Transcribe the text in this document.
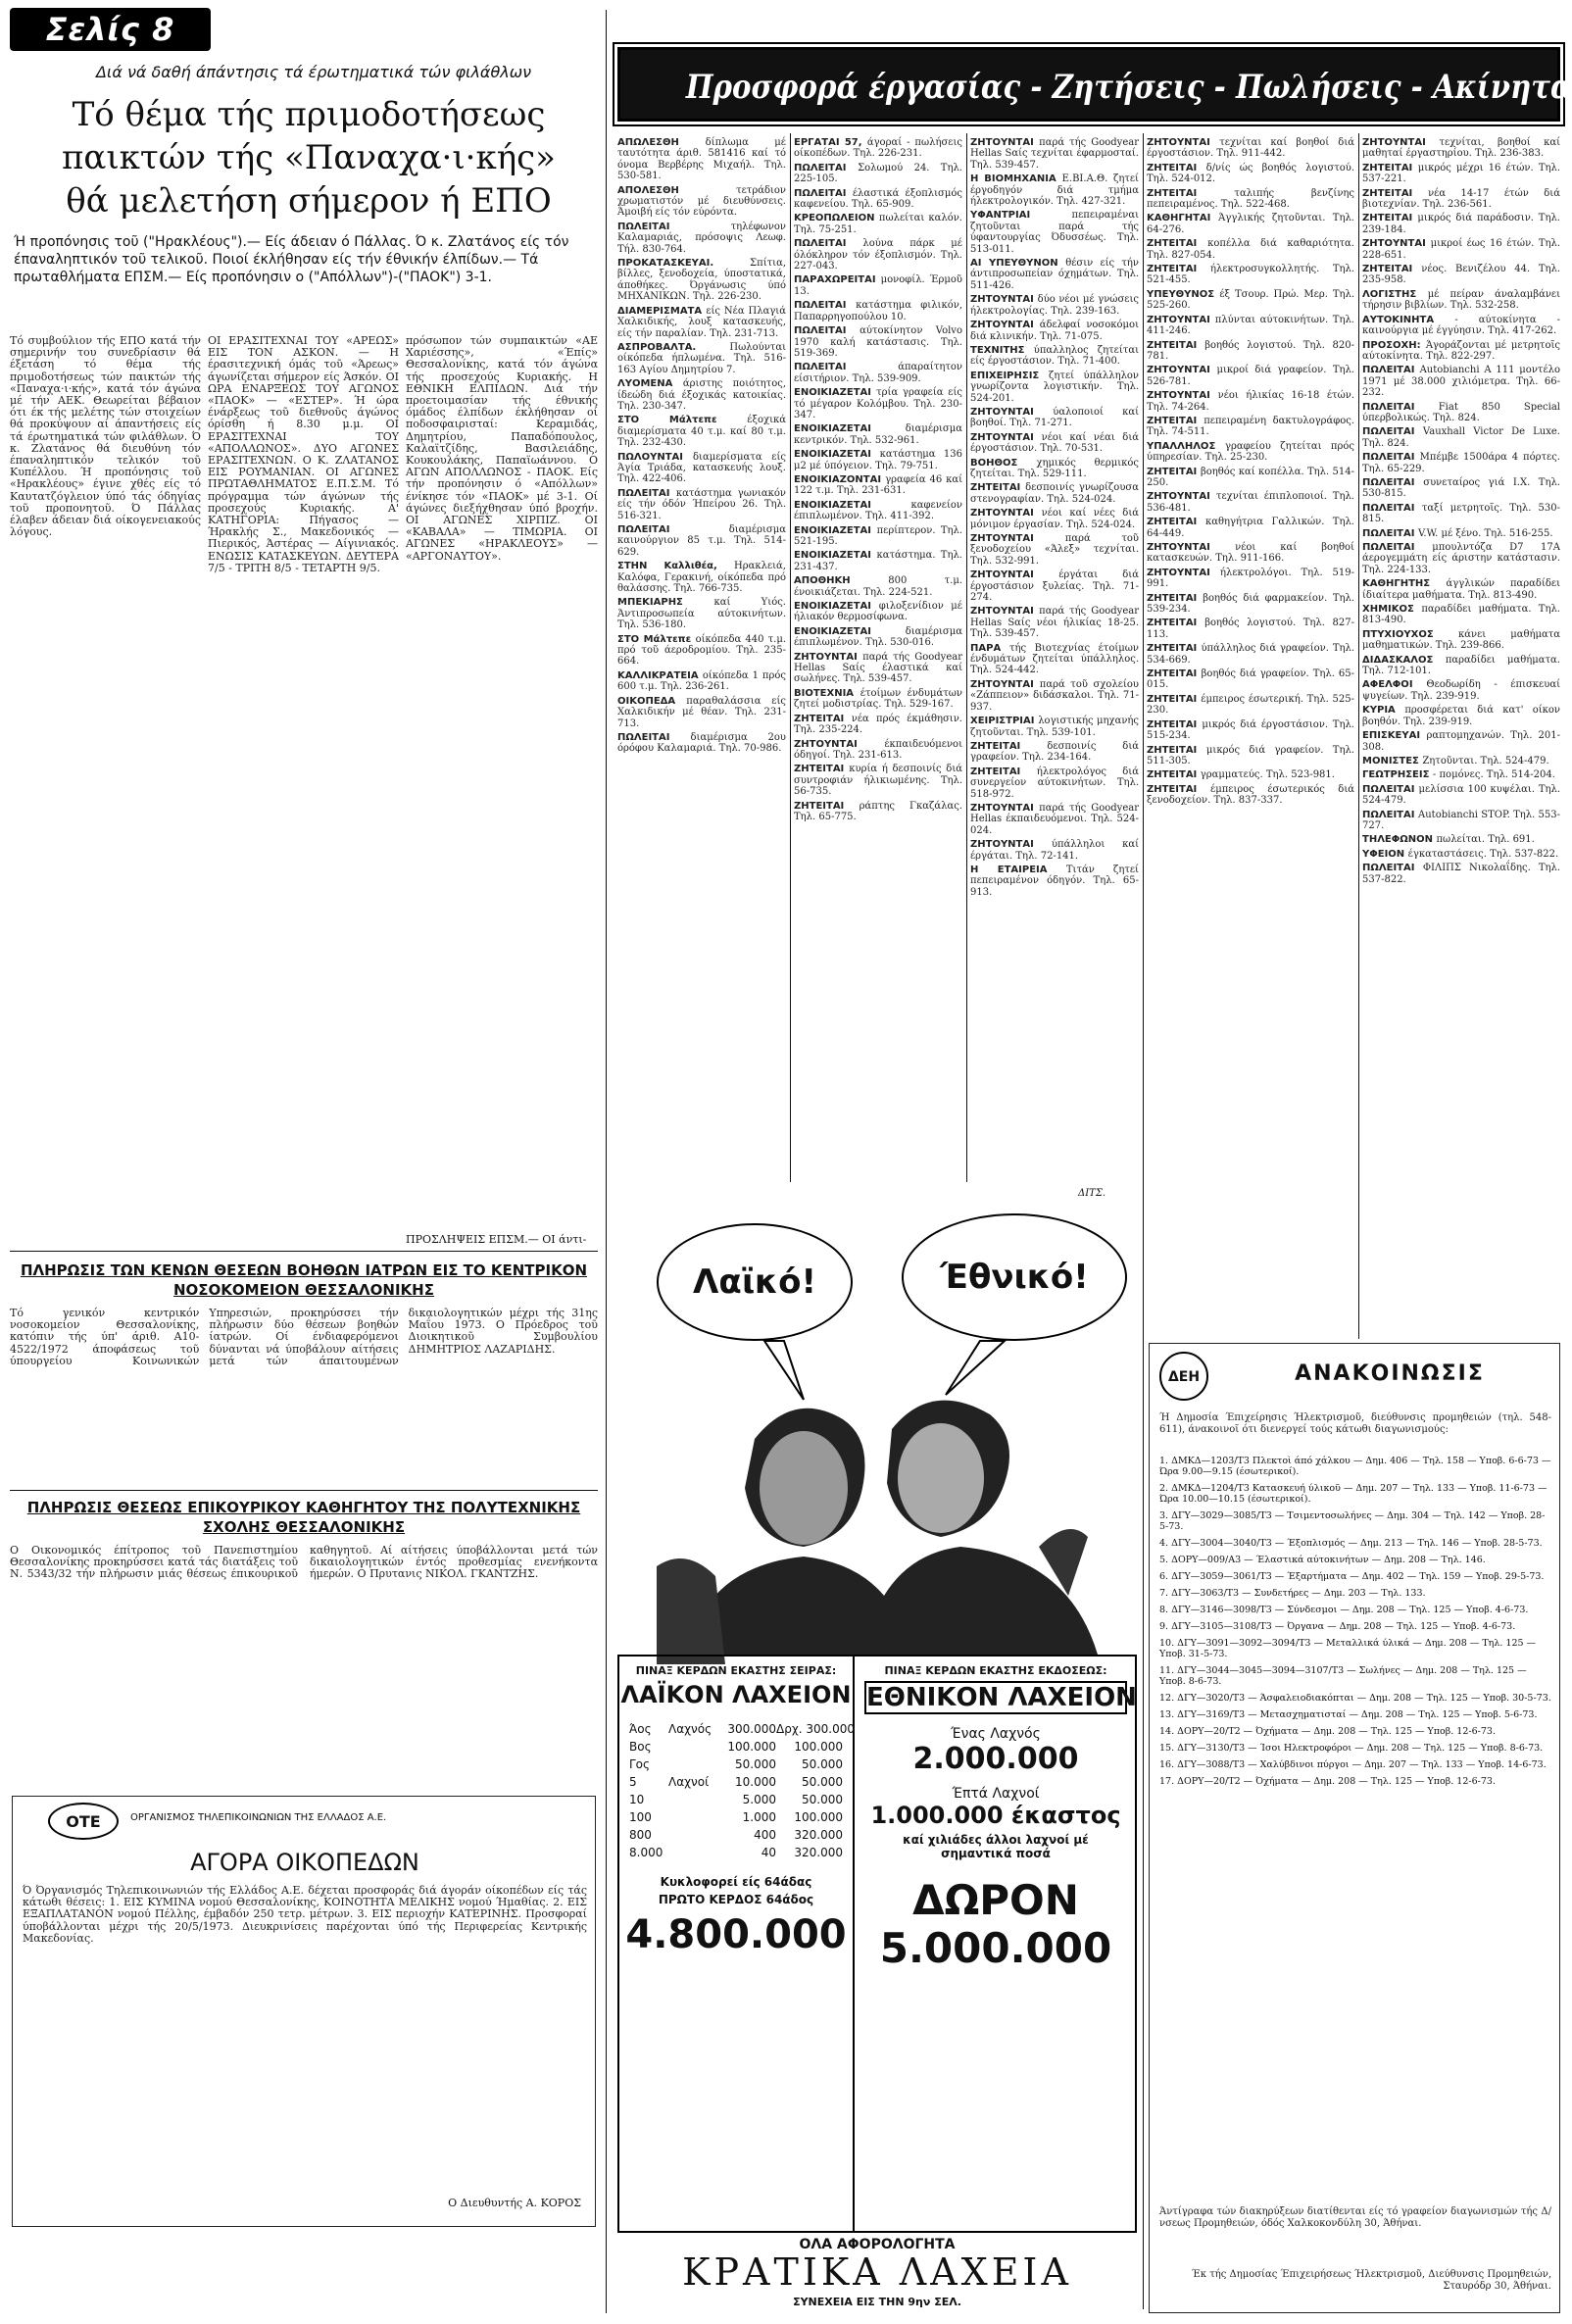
Σελίς 8
Διά νά δαθή άπάντησις τά έρωτηματικά τών φιλάθλων
Τό θέμα τής πριμοδοτήσεως
παικτών τής «Παναχα·ι·κής»
θά μελετήση σήμερον ή ΕΠΟ
Ή προπόνησις τοῦ ("Ηρακλέους").— Είς άδειαν ό Πάλλας. Ό κ. Ζλατάνος είς τόν έπαναληπτικόν τοῦ τελικοῦ. Ποιοί έκλήθησαν είς τήν έθνικήν έλπίδων.— Τά πρωταθλήματα ΕΠΣΜ.— Είς προπόνησιν ο ("Απόλλων")-("ΠΑΟΚ") 3-1.
Τό συμβούλιον τής ΕΠΟ κατά τήν σημερινήν του συνεδρίασιν θά έξετάση τό θέμα τής πριμοδοτήσεως τών παικτών τής «Παναχα·ι·κής», κατά τόν άγώνα μέ τήν ΑΕΚ. Θεωρείται βέβαιον ότι έκ τής μελέτης τών στοιχείων θά προκύψουν αί άπαντήσεις είς τά έρωτηματικά τών φιλάθλων. Ό κ. Ζλατάνος θά διευθύνη τόν έπαναληπτικόν τελικόν τοῦ Κυπέλλου. Ή προπόνησις τοῦ «Ηρακλέους» έγινε χθές είς τό Καυτατζόγλειον ύπό τάς όδηγίας τοῦ προπονητοῦ. Ό Πάλλας έλαβεν άδειαν διά οίκογενειακούς λόγους.
ΟΙ ΕΡΑΣΙΤΕΧΝΑΙ ΤΟΥ «ΑΡΕΩΣ» ΕΙΣ ΤΟΝ ΑΣΚΟΝ. — Η έρασιτεχνική όμάς τοῦ «Άρεως» άγωνίζεται σήμερον είς Άσκόν. ΟΙ ΩΡΑ ΕΝΑΡΞΕΩΣ ΤΟΥ ΑΓΩΝΟΣ «ΠΑΟΚ» — «ΕΣΤΕΡ». Ή ώρα ένάρξεως τοῦ διεθνοῦς άγώνος όρίσθη ή 8.30 μ.μ. ΟΙ ΕΡΑΣΙΤΕΧΝΑΙ ΤΟΥ «ΑΠΟΛΛΩΝΟΣ». ΔΥΟ ΑΓΩΝΕΣ ΕΡΑΣΙΤΕΧΝΩΝ. Ο Κ. ΖΛΑΤΑΝΟΣ ΕΙΣ ΡΟΥΜΑΝΙΑΝ. ΟΙ ΑΓΩΝΕΣ ΠΡΩΤΑΘΛΗΜΑΤΟΣ Ε.Π.Σ.Μ. Τό πρόγραμμα τών άγώνων τής προσεχούς Κυριακής. Α' ΚΑΤΗΓΟΡΙΑ: Πήγασος — Ήρακλής Σ., Μακεδονικός — Πιερικός, Άστέρας — Αίγινιακός. ΕΝΩΣΙΣ ΚΑΤΑΣΚΕΥΩΝ. ΔΕΥΤΕΡΑ 7/5 - ΤΡΙΤΗ 8/5 - ΤΕΤΑΡΤΗ 9/5.
πρόσωπον τών συμπαικτών «ΑΕ Χαριέσσης», «Έπίς» Θεσσαλονίκης, κατά τόν άγώνα τής προσεχούς Κυριακής. Η ΕΘΝΙΚΗ ΕΛΠΙΔΩΝ. Διά τήν προετοιμασίαν τής έθνικής όμάδος έλπίδων έκλήθησαν οί ποδοσφαιρισταί: Κεραμιδάς, Δημητρίου, Παπαδόπουλος, Καλαϊτζίδης, Βασιλειάδης, Κουκουλάκης, Παπαϊωάννου. Ο ΑΓΩΝ ΑΠΟΛΛΩΝΟΣ - ΠΑΟΚ. Είς τήν προπόνησιν ό «Απόλλων» ένίκησε τόν «ΠΑΟΚ» μέ 3-1. Οί άγώνες διεξήχθησαν ύπό βροχήν. ΟΙ ΑΓΩΝΕΣ ΧΙΡΠΙΖ. ΟΙ «ΚΑΒΑΛΑ» — ΤΙΜΩΡΙΑ. ΟΙ ΑΓΩΝΕΣ «ΗΡΑΚΛΕΟΥΣ» — «ΑΡΓΟΝΑΥΤΟΥ».
ΠΡΟΣΛΗΨΕΙΣ ΕΠΣΜ.— ΟΙ άντι-
ΠΛΗΡΩΣΙΣ ΤΩΝ ΚΕΝΩΝ ΘΕΣΕΩΝ ΒΟΗΘΩΝ ΙΑΤΡΩΝ ΕΙΣ ΤΟ ΚΕΝΤΡΙΚΟΝ ΝΟΣΟΚΟΜΕΙΟΝ ΘΕΣΣΑΛΟΝΙΚΗΣ
Τό γενικόν κεντρικόν νοσοκομείον Θεσσαλονίκης, κατόπιν τής ύπ' άριθ. Α10-4522/1972 άποφάσεως τοῦ ύπουργείου Κοινωνικών Υπηρεσιών, προκηρύσσει τήν πλήρωσιν δύο θέσεων βοηθών ίατρών. Οί ένδιαφερόμενοι δύνανται νά ύποβάλουν αίτήσεις μετά τών άπαιτουμένων δικαιολογητικών μέχρι τής 31ης Μαΐου 1973. Ο Πρόεδρος τοῦ Διοικητικοῦ Συμβουλίου ΔΗΜΗΤΡΙΟΣ ΛΑΖΑΡΙΔΗΣ.
ΠΛΗΡΩΣΙΣ ΘΕΣΕΩΣ ΕΠΙΚΟΥΡΙΚΟΥ ΚΑΘΗΓΗΤΟΥ ΤΗΣ ΠΟΛΥΤΕΧΝΙΚΗΣ ΣΧΟΛΗΣ ΘΕΣΣΑΛΟΝΙΚΗΣ
Ο Οικονομικός έπίτροπος τοῦ Πανεπιστημίου Θεσσαλονίκης προκηρύσσει κατά τάς διατάξεις τοῦ Ν. 5343/32 τήν πλήρωσιν μιάς θέσεως έπικουρικοῦ καθηγητοῦ. Αί αίτήσεις ύποβάλλονται μετά τών δικαιολογητικών έντός προθεσμίας ενενήκοντα ήμερών. Ο Πρυτανις ΝΙΚΟΛ. ΓΚΑΝΤΖΗΣ.
ΟΤΕ	ΟΡΓΑΝΙΣΜΟΣ ΤΗΛΕΠΙΚΟΙΝΩΝΙΩΝ ΤΗΣ ΕΛΛΑΔΟΣ Α.Ε.
ΑΓΟΡΑ ΟΙΚΟΠΕΔΩΝ
Ό Όργανισμός Τηλεπικοινωνιών τής Ελλάδος Α.Ε. δέχεται προσφοράς διά άγοράν οίκοπέδων είς τάς κάτωθι θέσεις: 1. ΕΙΣ ΚΥΜΙΝΑ νομού Θεσσαλονίκης, ΚΟΙΝΟΤΗΤΑ ΜΕΛΙΚΗΣ νομού Ήμαθίας. 2. ΕΙΣ ΕΞΑΠΛΑΤΑΝΟΝ νομού Πέλλης, έμβαδόν 250 τετρ. μέτρων. 3. ΕΙΣ περιοχήν ΚΑΤΕΡΙΝΗΣ. Προσφοραί ύποβάλλονται μέχρι τής 20/5/1973. Διευκρινίσεις παρέχονται ύπό τής Περιφερείας Κεντρικής Μακεδονίας.
Ο Διευθυντής Α. ΚΟΡΟΣ
Προσφορά έργασίας - Ζητήσεις - Πωλήσεις - Ακίνητα

ΑΠΩΛΕΣΘΗ δίπλωμα μέ ταυτότητα άριθ. 581416 καί τό όνομα Βερβέρης Μιχαήλ. Τηλ. 530-581.

ΑΠΟΛΕΣΘΗ τετράδιον χρωματιστόν μέ διευθύνσεις. Άμοιβή είς τόν εύρόντα.

ΠΩΛΕΙΤΑΙ τηλέφωνον Καλαμαριάς, πρόσοψις Λεωφ. Τήλ. 830-764.

ΠΡΟΚΑΤΑΣΚΕΥΑΙ. Σπίτια, βίλλες, ξενοδοχεία, ύποστατικά, άποθήκες. Όργάνωσις ύπό ΜΗΧΑΝΙΚΩΝ. Τηλ. 226-230.

ΔΙΑΜΕΡΙΣΜΑΤΑ είς Νέα Πλαγιά Χαλκιδικής, λουξ κατασκευής, είς τήν παραλίαν. Τηλ. 231-713.

ΑΣΠΡΟΒΑΛΤΑ. Πωλούνται οίκόπεδα ήπλωμένα. Τηλ. 516-163 Αγίου Δημητρίου 7.

ΛΥΟΜΕΝΑ άριστης ποιότητος, ίδεώδη διά έξοχικάς κατοικίας. Τηλ. 230-347.

ΣΤΟ Μάλτεπε έξοχικά διαμερίσματα 40 τ.μ. καί 80 τ.μ. Τηλ. 232-430.

ΠΩΛΟΥΝΤΑΙ διαμερίσματα είς Άγία Τριάδα, κατασκευής λουξ. Τηλ. 422-406.

ΠΩΛΕΙΤΑΙ κατάστημα γωνιακόν είς τήν όδόν Ήπείρου 26. Τηλ. 516-321.

ΠΩΛΕΙΤΑΙ διαμέρισμα καινούργιον 85 τ.μ. Τηλ. 514-629.

ΣΤΗΝ Καλλιθέα, Ηρακλειά, Καλόφα, Γερακινή, οίκόπεδα πρό θαλάσσης. Τηλ. 766-735.

ΜΠΕΚΙΑΡΗΣ καί Υιός. Άντιπροσωπεία αύτοκινήτων. Τηλ. 536-180.

ΣΤΟ Μάλτεπε οίκόπεδα 440 τ.μ. πρό τοῦ άεροδρομίου. Τηλ. 235-664.

ΚΑΛΛΙΚΡΑΤΕΙΑ οίκόπεδα 1 πρός 600 τ.μ. Τηλ. 236-261.

ΟΙΚΟΠΕΔΑ παραθαλάσσια είς Χαλκιδικήν μέ θέαν. Τηλ. 231-713.

ΠΩΛΕΙΤΑΙ διαμέρισμα 2ου όρόφου Καλαμαριά. Τηλ. 70-986.

ΕΡΓΑΤΑΙ 57, άγοραί - πωλήσεις οίκοπέδων. Τηλ. 226-231.

ΠΩΛΕΙΤΑΙ Σολωμού 24. Τηλ. 225-105.

ΠΩΛΕΙΤΑΙ έλαστικά έξοπλισμός καφενείου. Τηλ. 65-909.

ΚΡΕΟΠΩΛΕΙΟΝ πωλείται καλόν. Τηλ. 75-251.

ΠΩΛΕΙΤΑΙ λούνα πάρκ μέ όλόκληρον τόν έξοπλισμόν. Τηλ. 227-043.

ΠΑΡΑΧΩΡΕΙΤΑΙ μονοφίλ. Έρμοῦ 13.

ΠΩΛΕΙΤΑΙ κατάστημα φιλικόν, Παπαρρηγοπούλου 10.

ΠΩΛΕΙΤΑΙ αύτοκίνητον Volvo 1970 καλή κατάστασις. Τηλ. 519-369.

ΠΩΛΕΙΤΑΙ άπαραίτητον είσιτήριον. Τηλ. 539-909.

ΕΝΟΙΚΙΑΖΕΤΑΙ τρία γραφεία είς τό μέγαρον Κολόμβου. Τηλ. 230-347.

ΕΝΟΙΚΙΑΖΕΤΑΙ διαμέρισμα κεντρικόν. Τηλ. 532-961.

ΕΝΟΙΚΙΑΖΕΤΑΙ κατάστημα 136 μ2 μέ ύπόγειον. Τηλ. 79-751.

ΕΝΟΙΚΙΑΖΟΝΤΑΙ γραφεία 46 καί 122 τ.μ. Τηλ. 231-631.

ΕΝΟΙΚΙΑΖΕΤΑΙ καφενείον έπιπλωμένον. Τηλ. 411-392.

ΕΝΟΙΚΙΑΖΕΤΑΙ περίπτερον. Τηλ. 521-195.

ΕΝΟΙΚΙΑΖΕΤΑΙ κατάστημα. Τηλ. 231-437.

ΑΠΟΘΗΚΗ 800 τ.μ. ένοικιάζεται. Τηλ. 224-521.

ΕΝΟΙΚΙΑΖΕΤΑΙ φιλοξενίδιον μέ ήλιακόν θερμοσίφωνα.

ΕΝΟΙΚΙΑΖΕΤΑΙ διαμέρισμα έπιπλωμένον. Τηλ. 530-016.

ΖΗΤΟΥΝΤΑΙ παρά τής Goodyear Hellas Sαίς έλαστικά καί σωλήνες. Τηλ. 539-457.

ΒΙΟΤΕΧΝΙΑ έτοίμων ένδυμάτων ζητεί μοδιστρίας. Τηλ. 529-167.

ΖΗΤΕΙΤΑΙ νέα πρός έκμάθησιν. Τηλ. 235-224.

ΖΗΤΟΥΝΤΑΙ έκπαιδευόμενοι όδηγοί. Τηλ. 231-613.

ΖΗΤΕΙΤΑΙ κυρία ή δεσποινίς διά συντροφιάν ήλικιωμένης. Τηλ. 56-735.

ΖΗΤΕΙΤΑΙ ράπτης Γκαζάλας. Τηλ. 65-775.

ΖΗΤΟΥΝΤΑΙ παρά τής Goodyear Hellas Sαίς τεχνίται έφαρμοσταί. Τηλ. 539-457.

Η ΒΙΟΜΗΧΑΝΙΑ Ε.ΒΙ.Α.Θ. ζητεί έργοδηγόν διά τμήμα ήλεκτρολογικόν. Τηλ. 427-321.

ΥΦΑΝΤΡΙΑΙ πεπειραμέναι ζητοῦνται παρά τής ύφαντουργίας Όδυσσέως. Τηλ. 513-011.

ΑΙ ΥΠΕΥΘΥΝΟΝ θέσιν είς τήν άντιπροσωπείαν όχημάτων. Τηλ. 511-426.

ΖΗΤΟΥΝΤΑΙ δύο νέοι μέ γνώσεις ήλεκτρολογίας. Τηλ. 239-163.

ΖΗΤΟΥΝΤΑΙ άδελφαί νοσοκόμοι διά κλινικήν. Τηλ. 71-075.

ΤΕΧΝΙΤΗΣ ύπαλληλος ζητείται είς έργοστάσιον. Τηλ. 71-400.

ΕΠΙΧΕΙΡΗΣΙΣ ζητεί ύπάλληλον γνωρίζοντα λογιστικήν. Τηλ. 524-201.

ΖΗΤΟΥΝΤΑΙ ύαλοποιοί καί βοηθοί. Τηλ. 71-271.

ΖΗΤΟΥΝΤΑΙ νέοι καί νέαι διά έργοστάσιον. Τηλ. 70-531.

ΒΟΗΘΟΣ χημικός θερμικός ζητείται. Τηλ. 529-111.

ΖΗΤΕΙΤΑΙ δεσποινίς γνωρίζουσα στενογραφίαν. Τηλ. 524-024.

ΖΗΤΟΥΝΤΑΙ νέοι καί νέες διά μόνιμον έργασίαν. Τηλ. 524-024.

ΖΗΤΟΥΝΤΑΙ παρά τοῦ ξενοδοχείου «Άλεξ» τεχνίται. Τηλ. 532-991.

ΖΗΤΟΥΝΤΑΙ έργάται διά έργοστάσιον ξυλείας. Τηλ. 71-274.

ΖΗΤΟΥΝΤΑΙ παρά τής Goodyear Hellas Sαίς νέοι ήλικίας 18-25. Τηλ. 539-457.

ΠΑΡΑ τής Βιοτεχνίας έτοίμων ένδυμάτων ζητείται ύπάλληλος. Τηλ. 524-442.

ΖΗΤΟΥΝΤΑΙ παρά τοῦ σχολείου «Ζάππειον» διδάσκαλοι. Τηλ. 71-937.

ΧΕΙΡΙΣΤΡΙΑΙ λογιστικής μηχανής ζητοῦνται. Τηλ. 539-101.

ΖΗΤΕΙΤΑΙ δεσποινίς διά γραφείον. Τηλ. 234-164.

ΖΗΤΕΙΤΑΙ ήλεκτρολόγος διά συνεργείον αύτοκινήτων. Τηλ. 518-972.

ΖΗΤΟΥΝΤΑΙ παρά τής Goodyear Hellas έκπαιδευόμενοι. Τηλ. 524-024.

ΖΗΤΟΥΝΤΑΙ ύπάλληλοι καί έργάται. Τηλ. 72-141.

Η ΕΤΑΙΡΕΙΑ Τιτάν ζητεί πεπειραμένον όδηγόν. Τηλ. 65-913.

ΖΗΤΟΥΝΤΑΙ τεχνίται καί βοηθοί διά έργοστάσιον. Τηλ. 911-442.

ΖΗΤΕΙΤΑΙ δ/νίς ώς βοηθός λογιστού. Τηλ. 524-012.

ΖΗΤΕΙΤΑΙ ταλιπής βενζίνης πεπειραμένος. Τηλ. 522-468.

ΚΑΘΗΓΗΤΑΙ Άγγλικής ζητοῦνται. Τηλ. 64-276.

ΖΗΤΕΙΤΑΙ κοπέλλα διά καθαριότητα. Τηλ. 827-054.

ΖΗΤΕΙΤΑΙ ήλεκτροσυγκολλητής. Τηλ. 521-455.

ΥΠΕΥΘΥΝΟΣ έξ Τσουρ. Πρώ. Μερ. Τηλ. 525-260.

ΖΗΤΟΥΝΤΑΙ πλύνται αύτοκινήτων. Τηλ. 411-246.

ΖΗΤΕΙΤΑΙ βοηθός λογιστού. Τηλ. 820-781.

ΖΗΤΟΥΝΤΑΙ μικροί διά γραφείον. Τηλ. 526-781.

ΖΗΤΟΥΝΤΑΙ νέοι ήλικίας 16-18 έτών. Τηλ. 74-264.

ΖΗΤΕΙΤΑΙ πεπειραμένη δακτυλογράφος. Τηλ. 74-511.

ΥΠΑΛΛΗΛΟΣ γραφείου ζητείται πρός ύπηρεσίαν. Τηλ. 25-230.

ΖΗΤΕΙΤΑΙ βοηθός καί κοπέλλα. Τηλ. 514-250.

ΖΗΤΟΥΝΤΑΙ τεχνίται έπιπλοποιοί. Τηλ. 536-481.

ΖΗΤΕΙΤΑΙ καθηγήτρια Γαλλικών. Τηλ. 64-449.

ΖΗΤΟΥΝΤΑΙ νέοι καί βοηθοί κατασκευών. Τηλ. 911-166.

ΖΗΤΟΥΝΤΑΙ ήλεκτρολόγοι. Τηλ. 519-991.

ΖΗΤΕΙΤΑΙ βοηθός διά φαρμακείον. Τηλ. 539-234.

ΖΗΤΕΙΤΑΙ βοηθός λογιστού. Τηλ. 827-113.

ΖΗΤΕΙΤΑΙ ύπάλληλος διά γραφείον. Τηλ. 534-669.

ΖΗΤΕΙΤΑΙ βοηθός διά γραφείον. Τηλ. 65-015.

ΖΗΤΕΙΤΑΙ έμπειρος έσωτερική. Τηλ. 525-230.

ΖΗΤΕΙΤΑΙ μικρός διά έργοστάσιον. Τηλ. 515-234.

ΖΗΤΕΙΤΑΙ μικρός διά γραφείον. Τηλ. 511-305.

ΖΗΤΕΙΤΑΙ γραμματεύς. Τηλ. 523-981.

ΖΗΤΕΙΤΑΙ έμπειρος έσωτερικός διά ξενοδοχείον. Τηλ. 837-337.

ΖΗΤΟΥΝΤΑΙ τεχνίται, βοηθοί καί μαθηταί έργαστηρίου. Τηλ. 236-383.

ΖΗΤΕΙΤΑΙ μικρός μέχρι 16 έτών. Τηλ. 537-221.

ΖΗΤΕΙΤΑΙ νέα 14-17 έτών διά βιοτεχνίαν. Τηλ. 236-561.

ΖΗΤΕΙΤΑΙ μικρός διά παράδοσιν. Τηλ. 239-184.

ΖΗΤΟΥΝΤΑΙ μικροί έως 16 έτών. Τηλ. 228-651.

ΖΗΤΕΙΤΑΙ νέος. Βενιζέλου 44. Τηλ. 235-958.

ΛΟΓΙΣΤΗΣ μέ πείραν άναλαμβάνει τήρησιν βιβλίων. Τηλ. 532-258.

ΑΥΤΟΚΙΝΗΤΑ - αύτοκίνητα - καινούργια μέ έγγύησιν. Τηλ. 417-262.

ΠΡΟΣΟΧΗ: Άγοράζονται μέ μετρητοῖς αύτοκίνητα. Τηλ. 822-297.

ΠΩΛΕΙΤΑΙ Autobianchi A 111 μοντέλο 1971 μέ 38.000 χιλιόμετρα. Τηλ. 66-232.

ΠΩΛΕΙΤΑΙ Fiat 850 Special ύπερβολικώς. Τηλ. 824.

ΠΩΛΕΙΤΑΙ Vauxhall Victor De Luxe. Τηλ. 824.

ΠΩΛΕΙΤΑΙ Μπέμβε 1500άρα 4 πόρτες. Τηλ. 65-229.

ΠΩΛΕΙΤΑΙ συνεταίρος γιά Ι.Χ. Τηλ. 530-815.

ΠΩΛΕΙΤΑΙ ταξί μετρητοῖς. Τηλ. 530-815.

ΠΩΛΕΙΤΑΙ V.W. μέ ξένο. Τηλ. 516-255.

ΠΩΛΕΙΤΑΙ μπουλντόζα D7 17A άερογεμμάτη είς άριστην κατάστασιν. Τηλ. 224-133.

ΚΑΘΗΓΗΤΗΣ άγγλικών παραδίδει ίδιαίτερα μαθήματα. Τηλ. 813-490.

ΧΗΜΙΚΟΣ παραδίδει μαθήματα. Τηλ. 813-490.

ΠΤΥΧΙΟΥΧΟΣ κάνει μαθήματα μαθηματικών. Τηλ. 239-866.

ΔΙΔΑΣΚΑΛΟΣ παραδίδει μαθήματα. Τηλ. 712-101.

ΑΦΕΛΦΟΙ Θεοδωρίδη - έπισκευαί ψυγείων. Τηλ. 239-919.

ΚΥΡΙΑ προσφέρεται διά κατ' οίκον βοηθόν. Τηλ. 239-919.

ΕΠΙΣΚΕΥΑΙ ραπτομηχανών. Τηλ. 201-308.

ΜΟΝΙΣΤΕΣ Ζητοῦνται. Τηλ. 524-479.

ΓΕΩΤΡΗΣΕΙΣ - πομόνες. Τηλ. 514-204.

ΠΩΛΕΙΤΑΙ μελίσσια 100 κυψέλαι. Τηλ. 524-479.

ΠΩΛΕΙΤΑΙ Autobianchi STOP. Τηλ. 553-727.

ΤΗΛΕΦΩΝΟΝ πωλείται. Τηλ. 691.

ΥΦΕΙΟΝ έγκαταστάσεις. Τηλ. 537-822.

ΠΩΛΕΙΤΑΙ ΦΙΛΙΠΣ Νικολαΐδης. Τηλ. 537-822.

ΔΙΤΣ.
Λαϊκό!	Έθνικό!
ΠΙΝΑΞ ΚΕΡΔΩΝ ΕΚΑΣΤΗΣ ΣΕΙΡΑΣ:
ΛΑΪΚΟΝ ΛΑΧΕΙΟΝ
Άος	Λαχνός	300.000 Δρχ. 300.000
Βος	100.000	100.000
Γος	50.000	50.000
5	Λαχνοί	10.000	50.000
10	5.000	50.000
100	1.000	100.000
800	400	320.000
8.000	40	320.000
Κυκλοφορεί είς 64άδας
ΠΡΩΤΟ ΚΕΡΔΟΣ 64άδος
4.800.000
ΠΙΝΑΞ ΚΕΡΔΩΝ ΕΚΑΣΤΗΣ ΕΚΔΟΣΕΩΣ:
ΕΘΝΙΚΟΝ ΛΑΧΕΙΟΝ
Ένας Λαχνός
2.000.000
Έπτά Λαχνοί
1.000.000 έκαστος
καί χιλιάδες άλλοι λαχνοί μέ σημαντικά ποσά
ΔΩΡΟΝ
5.000.000
ΟΛΑ ΑΦΟΡΟΛΟΓΗΤΑ
ΚΡΑΤΙΚΑ ΛΑΧΕΙΑ
ΣΥΝΕΧΕΙΑ ΕΙΣ ΤΗΝ 9ην ΣΕΛ.
ΔΕΗ	ΑΝΑΚΟΙΝΩΣΙΣ
Ή Δημοσία Έπιχείρησις Ήλεκτρισμοῦ, διεύθυνσις προμηθειών (τηλ. 548-611), άνακοινοῖ ότι διενεργεί τούς κάτωθι διαγωνισμούς:
1. ΔΜΚΔ—1203/Τ3 Πλεκτοὶ άπό χάλκου — Δημ. 406 — Τηλ. 158 — Υποβ. 6-6-73 — Ώρα 9.00—9.15 (έσωτερικοί).
2. ΔΜΚΔ—1204/Τ3 Κατασκευή ύλικοῦ — Δημ. 207 — Τηλ. 133 — Υποβ. 11-6-73 — Ώρα 10.00—10.15 (έσωτερικοί).
3. ΔΓΥ—3029—3085/Τ3 — Τσιμεντοσωλήνες — Δημ. 304 — Τηλ. 142 — Υποβ. 28-5-73.
4. ΔΓΥ—3004—3040/Τ3 — Έξοπλισμός — Δημ. 213 — Τηλ. 146 — Υποβ. 28-5-73.
5. ΔΟΡΥ—009/Α3 — Έλαστικά αύτοκινήτων — Δημ. 208 — Τηλ. 146.
6. ΔΓΥ—3059—3061/Τ3 — Έξαρτήματα — Δημ. 402 — Τηλ. 159 — Υποβ. 29-5-73.
7. ΔΓΥ—3063/Τ3 — Συνδετήρες — Δημ. 203 — Τηλ. 133.
8. ΔΓΥ—3146—3098/Τ3 — Σύνδεσμοι — Δημ. 208 — Τηλ. 125 — Υποβ. 4-6-73.
9. ΔΓΥ—3105—3108/Τ3 — Όργανα — Δημ. 208 — Τηλ. 125 — Υποβ. 4-6-73.
10. ΔΓΥ—3091—3092—3094/Τ3 — Μεταλλικά ύλικά — Δημ. 208 — Τηλ. 125 — Υποβ. 31-5-73.
11. ΔΓΥ—3044—3045—3094—3107/Τ3 — Σωλήνες — Δημ. 208 — Τηλ. 125 — Υποβ. 8-6-73.
12. ΔΓΥ—3020/Τ3 — Άσφαλειοδιακόπται — Δημ. 208 — Τηλ. 125 — Υποβ. 30-5-73.
13. ΔΓΥ—3169/Τ3 — Μετασχηματισταί — Δημ. 208 — Τηλ. 125 — Υποβ. 5-6-73.
14. ΔΟΡΥ—20/Τ2 — Όχήματα — Δημ. 208 — Τηλ. 125 — Υποβ. 12-6-73.
15. ΔΓΥ—3130/Τ3 — Ίσοι Ηλεκτροφόροι — Δημ. 208 — Τηλ. 125 — Υποβ. 8-6-73.
16. ΔΓΥ—3088/Τ3 — Χαλύβδινοι πύργοι — Δημ. 207 — Τηλ. 133 — Υποβ. 14-6-73.
17. ΔΟΡΥ—20/Τ2 — Όχήματα — Δημ. 208 — Τηλ. 125 — Υποβ. 12-6-73.
Άντίγραφα τών διακηρύξεων διατίθενται είς τό γραφείον διαγωνισμών τής Δ/νσεως Προμηθειών, όδός Χαλκοκονδύλη 30, Άθήναι.
Έκ τής Δημοσίας Έπιχειρήσεως Ήλεκτρισμοῦ, Διεύθυνσις Προμηθειών, Σταυρόδρ 30, Άθήναι.
